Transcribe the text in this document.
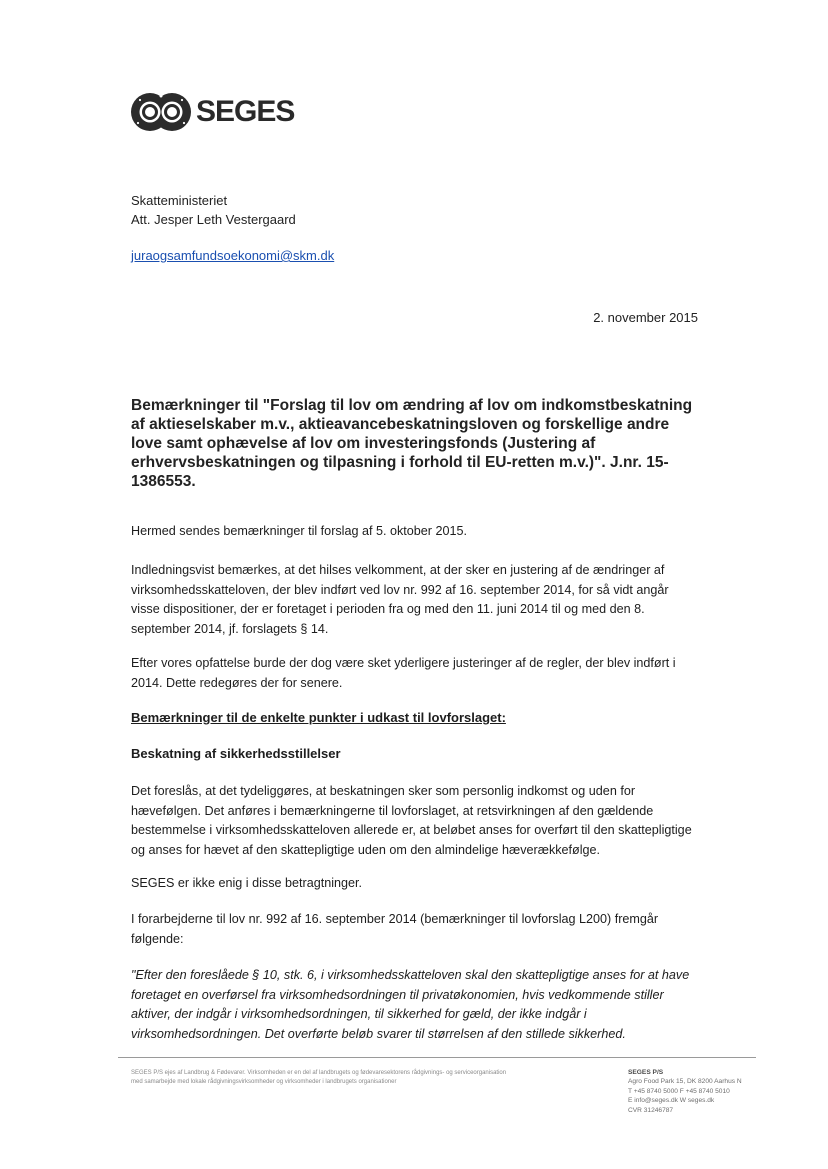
SEGES
Skatteministeriet
Att. Jesper Leth Vestergaard
juraogsamfundsoekonomi@skm.dk
2. november 2015
Bemærkninger til "Forslag til lov om ændring af lov om indkomstbeskatning af aktieselskaber m.v., aktieavancebeskatningsloven og forskellige andre love samt ophævelse af lov om investeringsfonds (Justering af erhvervsbeskatningen og tilpasning i forhold til EU-retten m.v.)". J.nr. 15-1386553.
Hermed sendes bemærkninger til forslag af 5. oktober 2015.
Indledningsvist bemærkes, at det hilses velkomment, at der sker en justering af de ændringer af virksomhedsskatteloven, der blev indført ved lov nr. 992 af 16. september 2014, for så vidt angår visse dispositioner, der er foretaget i perioden fra og med den 11. juni 2014 til og med den 8. september 2014, jf. forslagets § 14.
Efter vores opfattelse burde der dog være sket yderligere justeringer af de regler, der blev indført i 2014. Dette redegøres der for senere.
Bemærkninger til de enkelte punkter i udkast til lovforslaget:
Beskatning af sikkerhedsstillelser
Det foreslås, at det tydeliggøres, at beskatningen sker som personlig indkomst og uden for hævefølgen. Det anføres i bemærkningerne til lovforslaget, at retsvirkningen af den gældende bestemmelse i virksomhedsskatteloven allerede er, at beløbet anses for overført til den skattepligtige og anses for hævet af den skattepligtige uden om den almindelige hæverækkefølge.
SEGES er ikke enig i disse betragtninger.
I forarbejderne til lov nr. 992 af 16. september 2014 (bemærkninger til lovforslag L200) fremgår følgende:
"Efter den foreslåede § 10, stk. 6, i virksomhedsskatteloven skal den skattepligtige anses for at have foretaget en overførsel fra virksomhedsordningen til privatøkonomien, hvis vedkommende stiller aktiver, der indgår i virksomhedsordningen, til sikkerhed for gæld, der ikke indgår i virksomhedsordningen. Det overførte beløb svarer til størrelsen af den stillede sikkerhed.
SEGES P/S ejes af Landbrug & Fødevarer. Virksomheden er en del af landbrugets og fødevaresektorens rådgivnings- og serviceorganisation
med samarbejde med lokale rådgivningsvirksomheder og virksomheder i landbrugets organisationer
SEGES P/S
Agro Food Park 15, DK 8200 Aarhus N
T +45 8740 5000 F +45 8740 5010
E info@seges.dk W seges.dk
CVR 31246787
